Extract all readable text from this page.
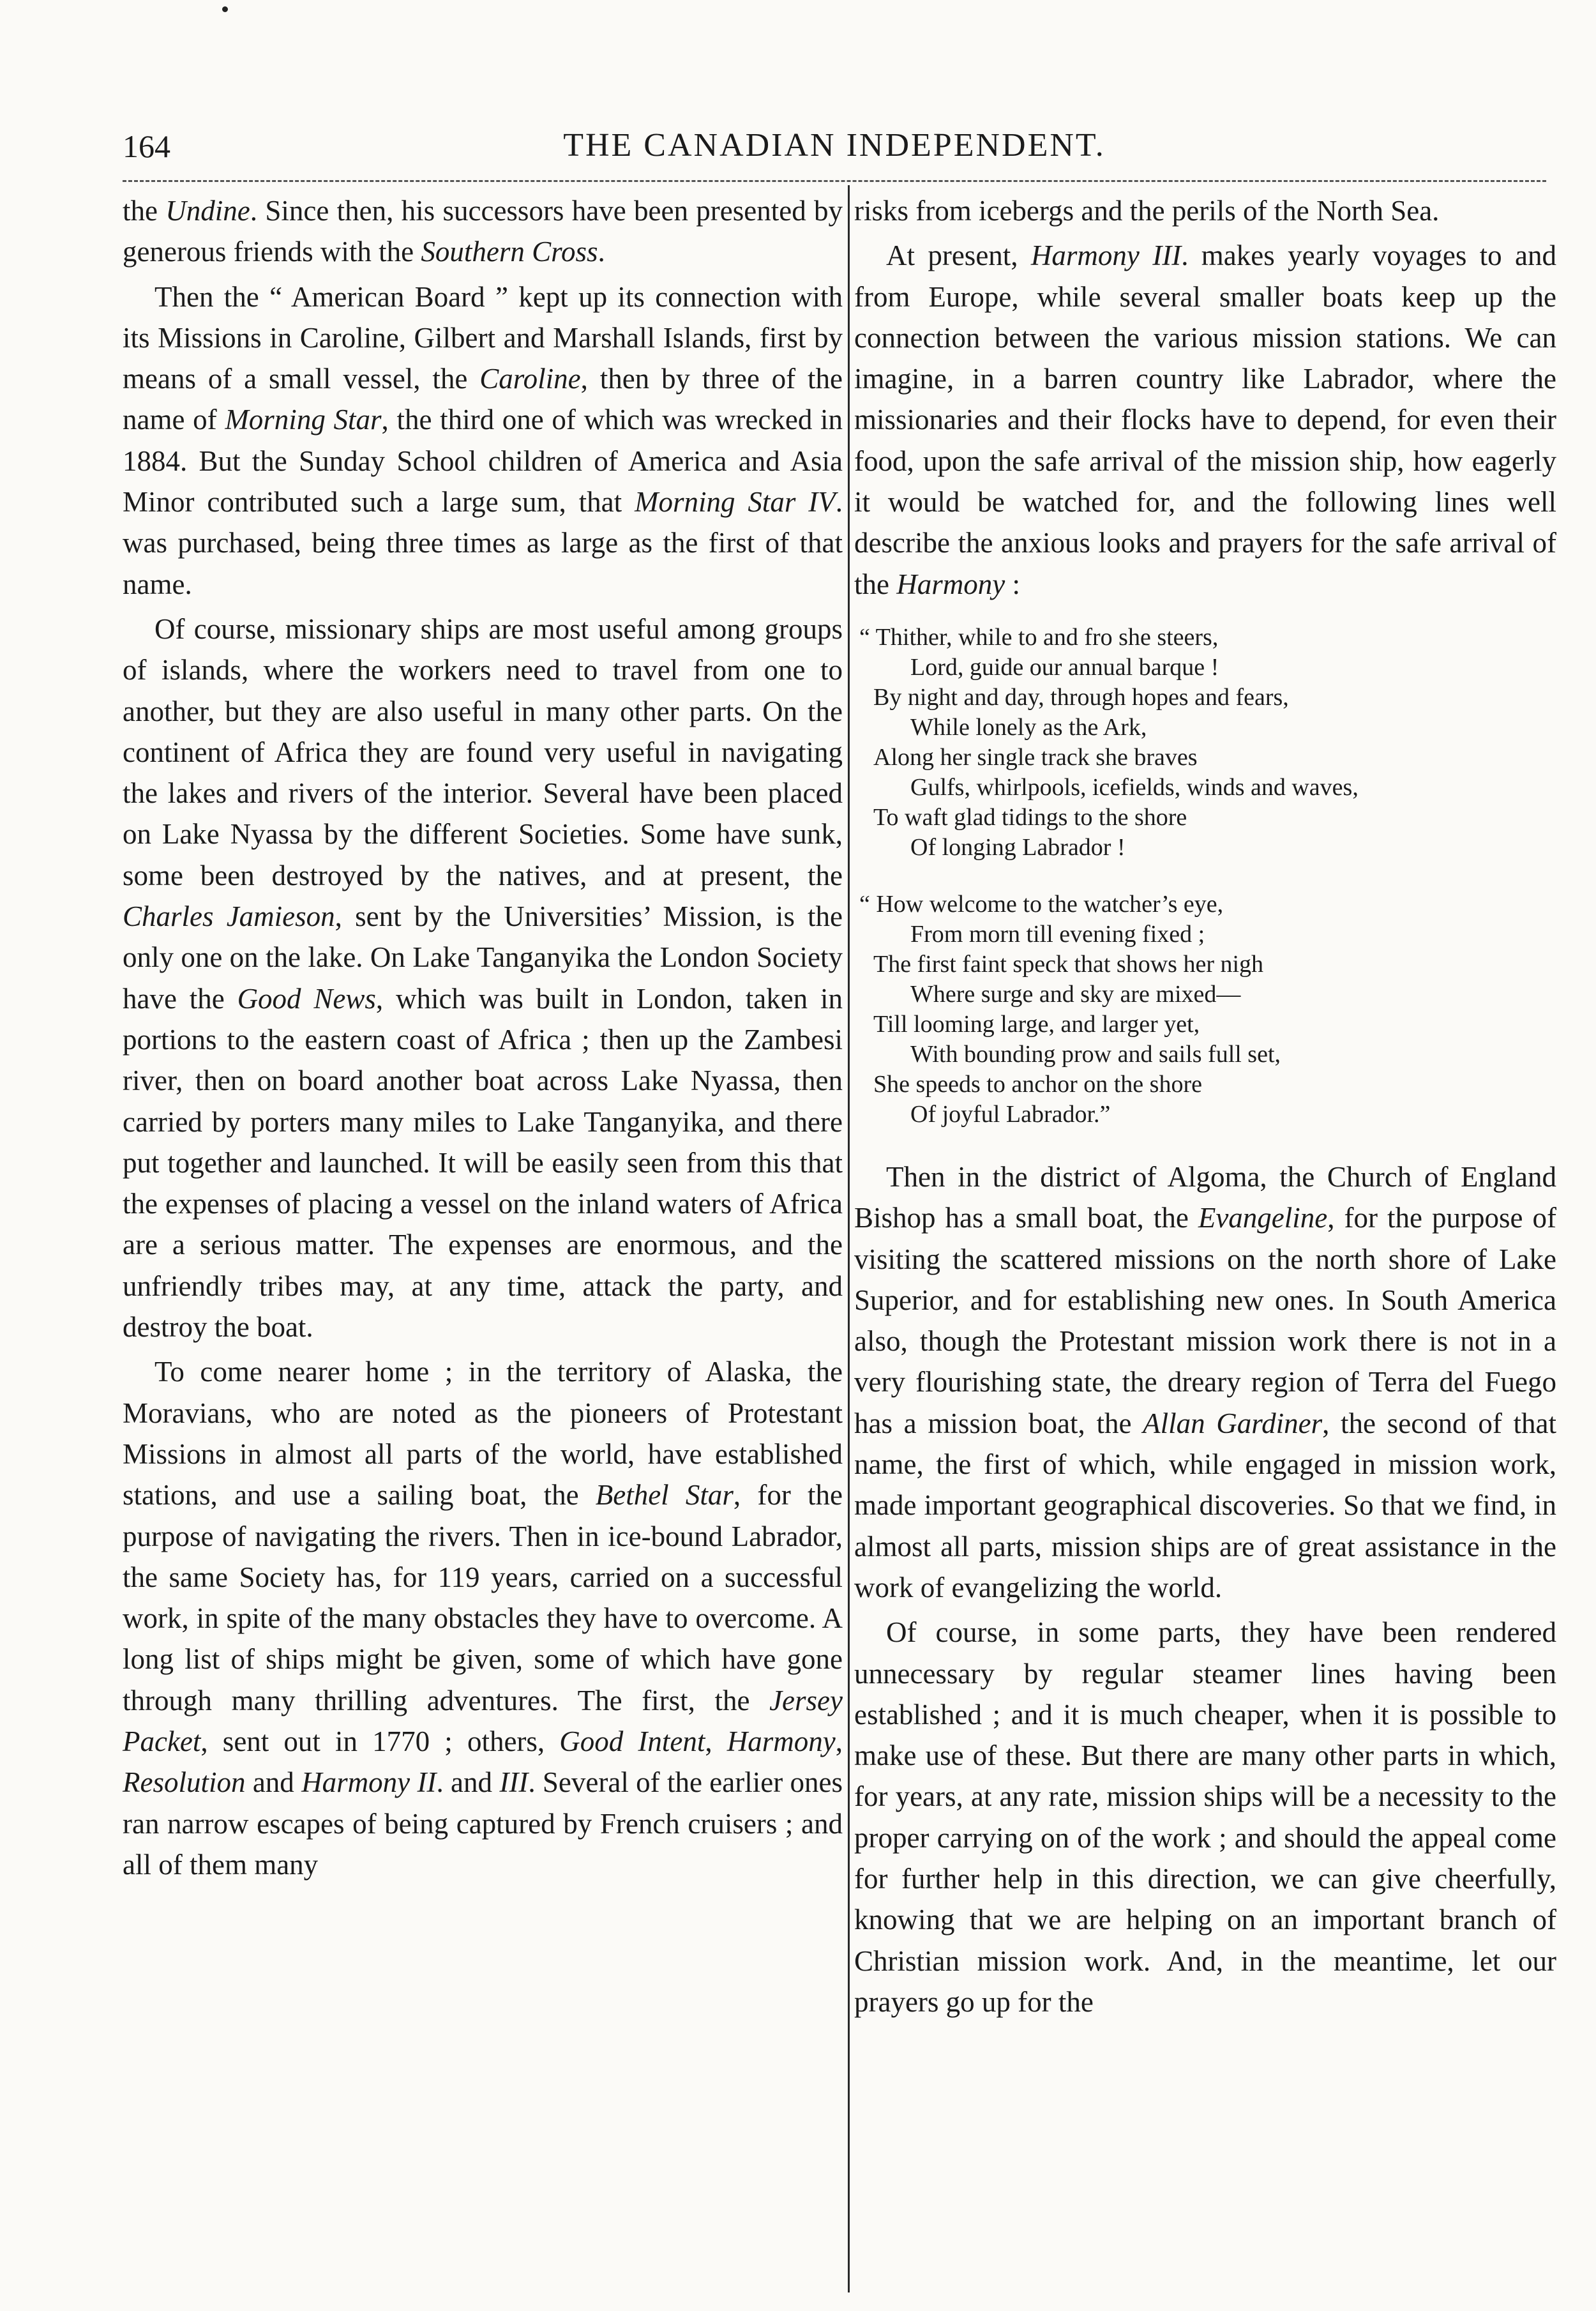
164	THE CANADIAN INDEPENDENT.

the Undine. Since then, his successors have been presented by generous friends with the Southern Cross.

Then the “ American Board ” kept up its connection with its Missions in Caroline, Gilbert and Marshall Islands, first by means of a small vessel, the Caroline, then by three of the name of Morning Star, the third one of which was wrecked in 1884. But the Sunday School children of America and Asia Minor contributed such a large sum, that Morning Star IV. was purchased, being three times as large as the first of that name.

Of course, missionary ships are most useful among groups of islands, where the workers need to travel from one to another, but they are also useful in many other parts. On the continent of Africa they are found very useful in navigating the lakes and rivers of the interior. Several have been placed on Lake Nyassa by the different Societies. Some have sunk, some been destroyed by the natives, and at present, the Charles Jamieson, sent by the Universities’ Mission, is the only one on the lake. On Lake Tanganyika the London Society have the Good News, which was built in London, taken in portions to the eastern coast of Africa ; then up the Zambesi river, then on board another boat across Lake Nyassa, then carried by porters many miles to Lake Tanganyika, and there put together and launched. It will be easily seen from this that the expenses of placing a vessel on the inland waters of Africa are a serious matter. The expenses are enormous, and the unfriendly tribes may, at any time, attack the party, and destroy the boat.

To come nearer home ; in the territory of Alaska, the Moravians, who are noted as the pioneers of Protestant Missions in almost all parts of the world, have established stations, and use a sailing boat, the Bethel Star, for the purpose of navigating the rivers. Then in ice-bound Labrador, the same Society has, for 119 years, carried on a successful work, in spite of the many obstacles they have to overcome. A long list of ships might be given, some of which have gone through many thrilling adventures. The first, the Jersey Packet, sent out in 1770 ; others, Good Intent, Harmony, Resolution and Harmony II. and III. Several of the earlier ones ran narrow escapes of being captured by French cruisers ; and all of them many

risks from icebergs and the perils of the North Sea.

At present, Harmony III. makes yearly voyages to and from Europe, while several smaller boats keep up the connection between the various mission stations. We can imagine, in a barren country like Labrador, where the missionaries and their flocks have to depend, for even their food, upon the safe arrival of the mission ship, how eagerly it would be watched for, and the following lines well describe the anxious looks and prayers for the safe arrival of the Harmony :

“ Thither, while to and fro she steers,
Lord, guide our annual barque !
By night and day, through hopes and fears,
While lonely as the Ark,
Along her single track she braves
Gulfs, whirlpools, icefields, winds and waves,
To waft glad tidings to the shore
Of longing Labrador !
“ How welcome to the watcher’s eye,
From morn till evening fixed ;
The first faint speck that shows her nigh
Where surge and sky are mixed—
Till looming large, and larger yet,
With bounding prow and sails full set,
She speeds to anchor on the shore
Of joyful Labrador.”

Then in the district of Algoma, the Church of England Bishop has a small boat, the Evangeline, for the purpose of visiting the scattered missions on the north shore of Lake Superior, and for establishing new ones. In South America also, though the Protestant mission work there is not in a very flourishing state, the dreary region of Terra del Fuego has a mission boat, the Allan Gardiner, the second of that name, the first of which, while engaged in mission work, made important geographical discoveries. So that we find, in almost all parts, mission ships are of great assistance in the work of evangelizing the world.

Of course, in some parts, they have been rendered unnecessary by regular steamer lines having been established ; and it is much cheaper, when it is possible to make use of these. But there are many other parts in which, for years, at any rate, mission ships will be a necessity to the proper carrying on of the work ; and should the appeal come for further help in this direction, we can give cheerfully, knowing that we are helping on an important branch of Christian mission work. And, in the meantime, let our prayers go up for the
